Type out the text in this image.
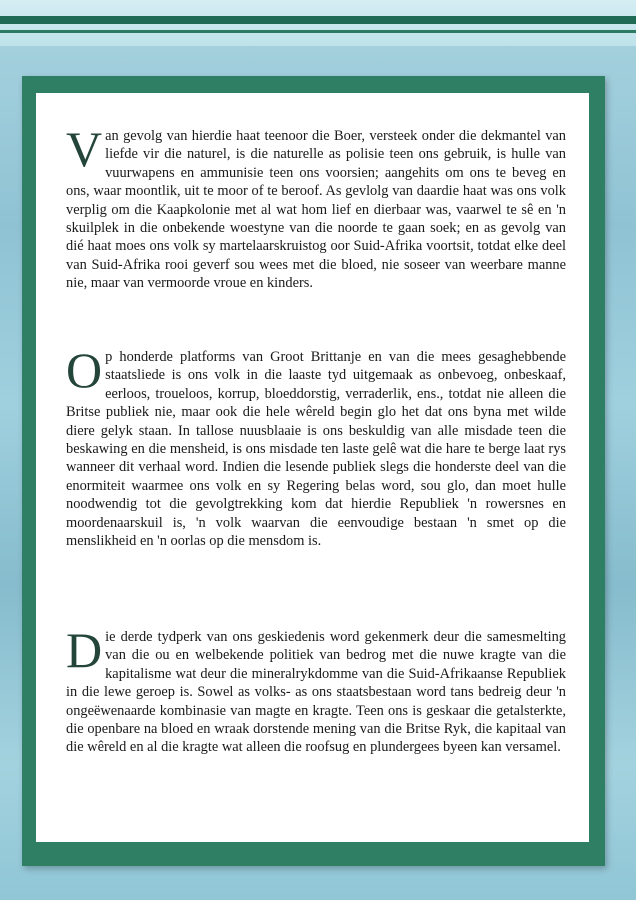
Van gevolg van hierdie haat teenoor die Boer, versteek onder die dekmantel van liefde vir die naturel, is die naturelle as polisie teen ons gebruik, is hulle van vuurwapens en ammunisie teen ons voorsien; aangehits om ons te beveg en ons, waar moontlik, uit te moor of te beroof. As gevlolg van daardie haat was ons volk verplig om die Kaapkolonie met al wat hom lief en dierbaar was, vaarwel te sê en 'n skuilplek in die onbekende woestyne van die noorde te gaan soek; en as gevolg van dié haat moes ons volk sy martelaarskruistog oor Suid-Afrika voortsit, totdat elke deel van Suid-Afrika rooi geverf sou wees met die bloed, nie soseer van weerbare manne nie, maar van vermoorde vroue en kinders.

Op honderde platforms van Groot Brittanje en van die mees gesaghebbende staatsliede is ons volk in die laaste tyd uitgemaak as onbevoeg, onbeskaaf, eerloos, troueloos, korrup, bloeddorstig, verraderlik, ens., totdat nie alleen die Britse publiek nie, maar ook die hele wêreld begin glo het dat ons byna met wilde diere gelyk staan. In tallose nuusblaaie is ons beskuldig van alle misdade teen die beskawing en die mensheid, is ons misdade ten laste gelê wat die hare te berge laat rys wanneer dit verhaal word. Indien die lesende publiek slegs die honderste deel van die enormiteit waarmee ons volk en sy Regering belas word, sou glo, dan moet hulle noodwendig tot die gevolgtrekking kom dat hierdie Republiek 'n rowersnes en moordenaarskuil is, 'n volk waarvan die eenvoudige bestaan 'n smet op die menslikheid en 'n oorlas op die mensdom is.

Die derde tydperk van ons geskiedenis word gekenmerk deur die samesmelting van die ou en welbekende politiek van bedrog met die nuwe kragte van die kapitalisme wat deur die mineralrykdomme van die Suid-Afrikaanse Republiek in die lewe geroep is. Sowel as volks- as ons staatsbestaan word tans bedreig deur 'n ongeëwenaarde kombinasie van magte en kragte. Teen ons is geskaar die getalsterkte, die openbare na bloed en wraak dorstende mening van die Britse Ryk, die kapitaal van die wêreld en al die kragte wat alleen die roofsug en plundergees byeen kan versamel.
